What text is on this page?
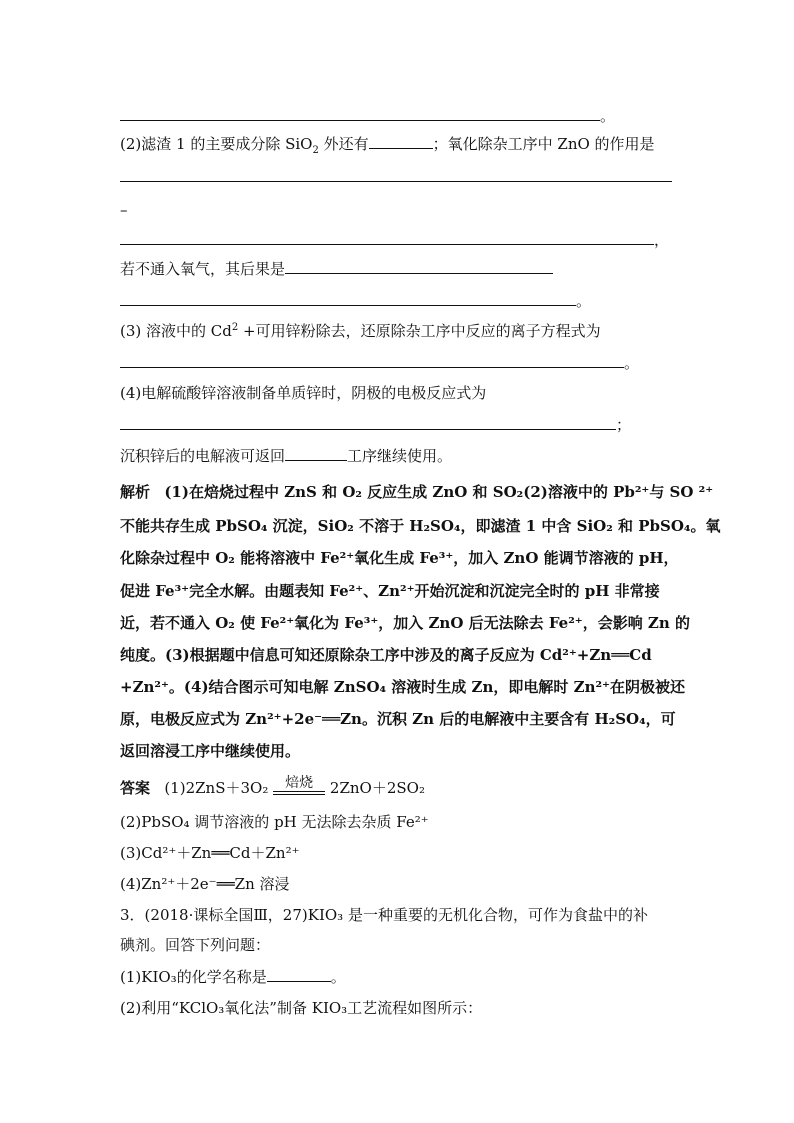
。
(2)滤渣 1 的主要成分除 SiO$_2$ 外还有	；氧化除杂工序中 ZnO 的作用是
–
，
若不通入氧气，其后果是
。
(3) 溶液中的 $Cd^2$ +可用锌粉除去，还原除杂工序中反应的离子方程式为
。
(4)电解硫酸锌溶液制备单质锌时，阴极的电极反应式为
；
沉积锌后的电解液可返回	工序继续使用。
解析 (1)在焙烧过程中 ZnS 和 O₂ 反应生成 ZnO 和 SO₂(2)溶液中的 Pb²⁺与 SO ²⁺
不能共存生成 PbSO₄ 沉淀，SiO₂ 不溶于 H₂SO₄，即滤渣 1 中含 SiO₂ 和 PbSO₄。氧
化除杂过程中 O₂ 能将溶液中 Fe²⁺氧化生成 Fe³⁺，加入 ZnO 能调节溶液的 pH，
促进 Fe³⁺完全水解。由题表知 Fe²⁺、Zn²⁺开始沉淀和沉淀完全时的 pH 非常接
近，若不通入 O₂ 使 Fe²⁺氧化为 Fe³⁺，加入 ZnO 后无法除去 Fe²⁺，会影响 Zn 的
纯度。(3)根据题中信息可知还原除杂工序中涉及的离子反应为 Cd²⁺+Zn══Cd
+Zn²⁺。(4)结合图示可知电解 ZnSO₄ 溶液时生成 Zn，即电解时 Zn²⁺在阴极被还
原，电极反应式为 Zn²⁺+2e⁻══Zn。沉积 Zn 后的电解液中主要含有 H₂SO₄，可
返回溶浸工序中继续使用。
答案 (1)2ZnS＋3O₂	焙烧	2ZnO＋2SO₂
(2)PbSO₄ 调节溶液的 pH 无法除去杂质 Fe²⁺
(3)Cd²⁺＋Zn══Cd＋Zn²⁺
(4)Zn²⁺＋2e⁻══Zn 溶浸
3．(2018·课标全国Ⅲ，27)KIO₃ 是一种重要的无机化合物，可作为食盐中的补
碘剂。回答下列问题：
(1)KIO₃的化学名称是	。
(2)利用“KClO₃氧化法”制备 KIO₃工艺流程如图所示：
